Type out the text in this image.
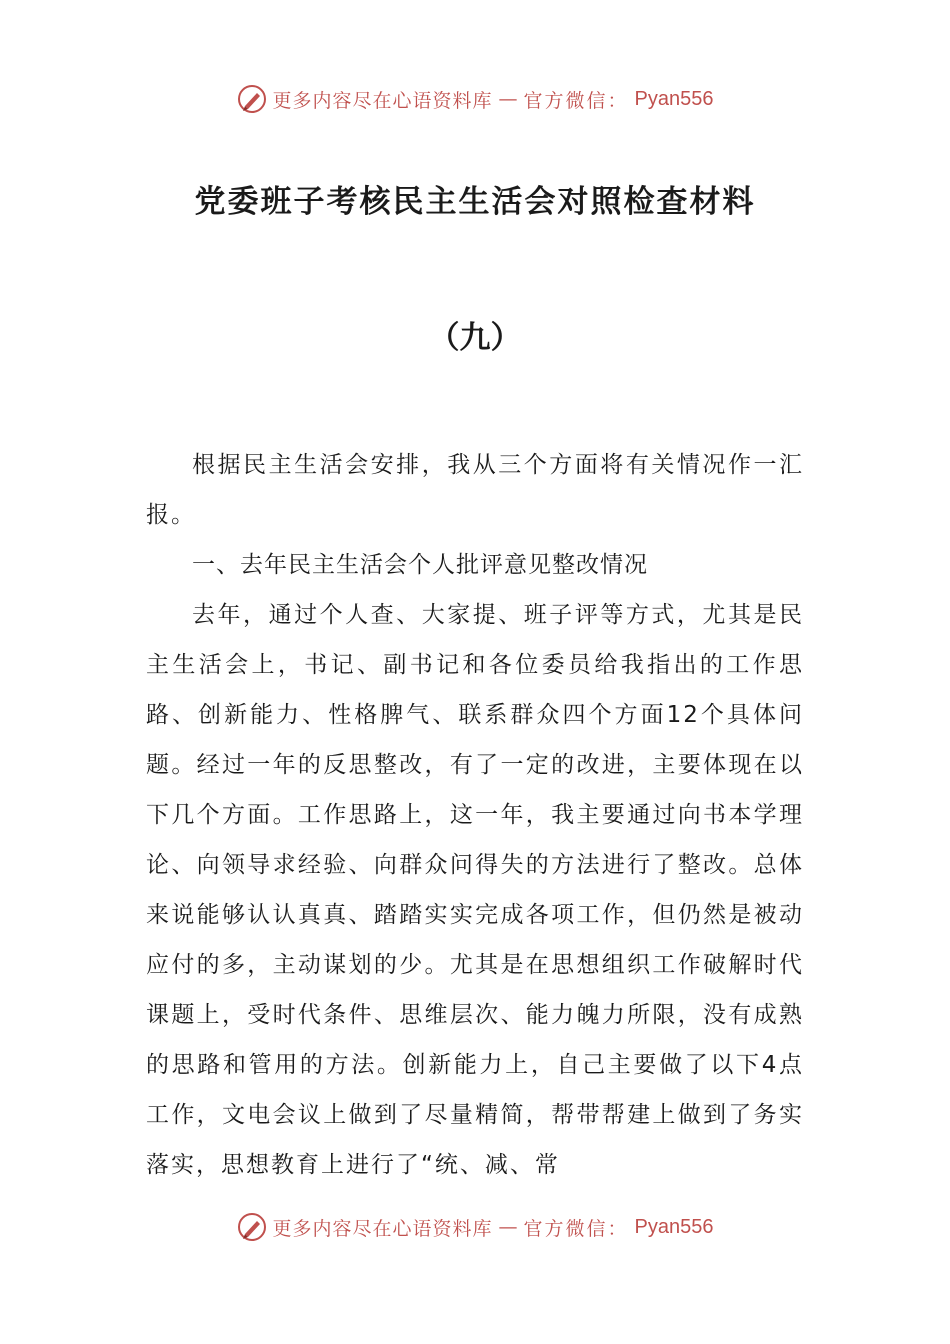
更多内容尽在心语资料库 — 官方微信： Pyan556
党委班子考核民主生活会对照检查材料
（九）

根据民主生活会安排，我从三个方面将有关情况作一汇报。

一、去年民主生活会个人批评意见整改情况

去年，通过个人查、大家提、班子评等方式，尤其是民主生活会上，书记、副书记和各位委员给我指出的工作思路、创新能力、性格脾气、联系群众四个方面12个具体问题。经过一年的反思整改，有了一定的改进，主要体现在以下几个方面。工作思路上，这一年，我主要通过向书本学理论、向领导求经验、向群众问得失的方法进行了整改。总体来说能够认认真真、踏踏实实完成各项工作，但仍然是被动应付的多，主动谋划的少。尤其是在思想组织工作破解时代课题上，受时代条件、思维层次、能力魄力所限，没有成熟的思路和管用的方法。创新能力上，自己主要做了以下4点工作，文电会议上做到了尽量精简，帮带帮建上做到了务实落实，思想教育上进行了“统、减、常

更多内容尽在心语资料库 — 官方微信： Pyan556
